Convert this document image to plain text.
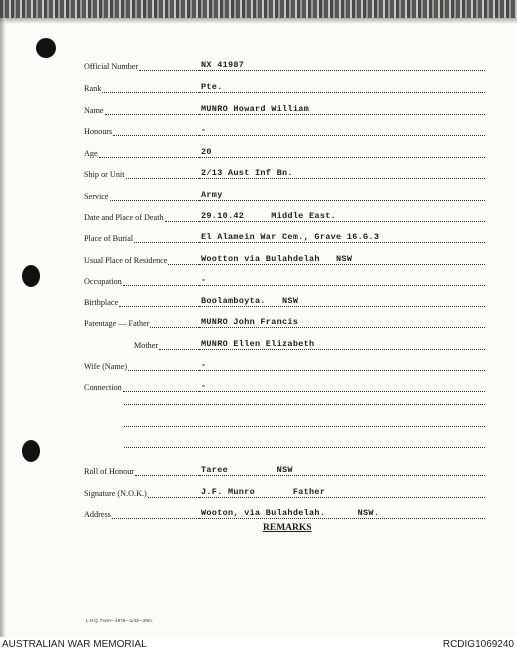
Official Number	NX 41987
Rank	Pte.
Name	MUNRO Howard William
Honours	-
Age	20
Ship or Unit	2/13 Aust Inf Bn.
Service	Army
Date and Place of Death	29.10.42     Middle East.
Place of Burial	El Alamein War Cem., Grave 16.G.3
Usual Place of Residence	Wootton via Bulahdelah   NSW
Occupation	-
Birthplace	Boolamboyta.   NSW
Parentage — Father	MUNRO John Francis
Mother	MUNRO Ellen Elizabeth
Wife (Name)	-
Connection	-
Roll of Honour	Taree         NSW
Signature (N.O.K.)	J.F. Munro       Father
Address	Wooton, via Bulahdelah.      NSW.
REMARKS
L.H.Q. Form—1976—1/43—20m.
AUSTRALIAN WAR MEMORIAL	RCDIG1069240
